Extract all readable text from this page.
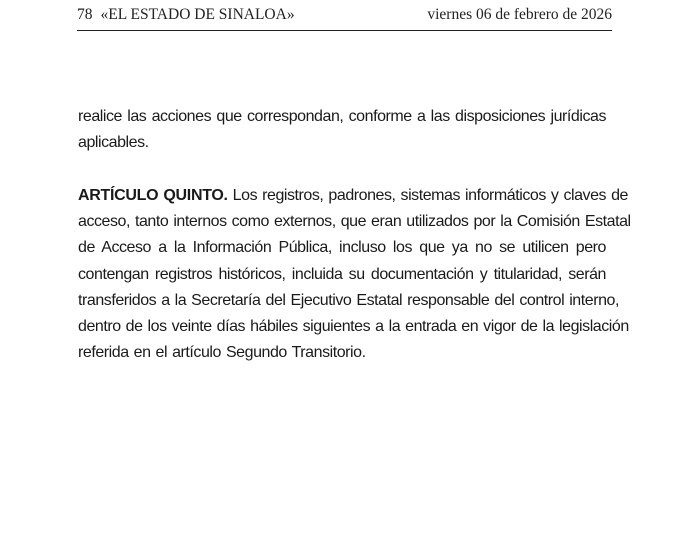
78 «EL ESTADO DE SINALOA»	viernes 06 de febrero de 2026
realice las acciones que correspondan, conforme a las disposiciones jurídicas
aplicables.
ARTÍCULO QUINTO. Los registros, padrones, sistemas informáticos y claves de
acceso, tanto internos como externos, que eran utilizados por la Comisión Estatal
de Acceso a la Información Pública, incluso los que ya no se utilicen pero
contengan registros históricos, incluida su documentación y titularidad, serán
transferidos a la Secretaría del Ejecutivo Estatal responsable del control interno,
dentro de los veinte días hábiles siguientes a la entrada en vigor de la legislación
referida en el artículo Segundo Transitorio.
